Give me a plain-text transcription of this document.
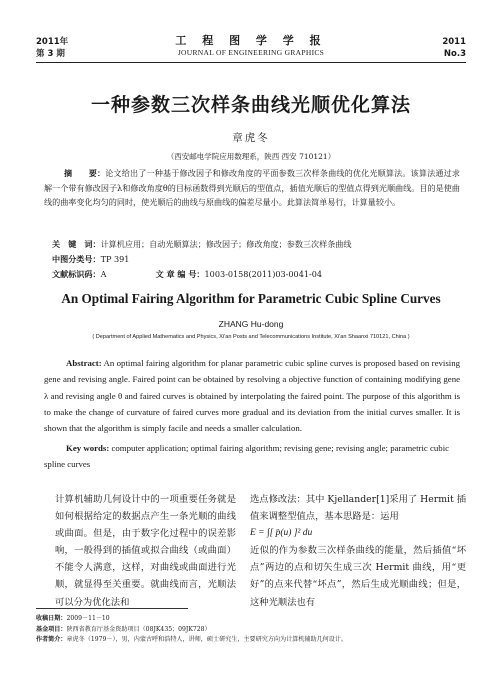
2011年
第 3 期
工 程 图 学 学 报
JOURNAL OF ENGINEERING GRAPHICS
2011
No.3
一种参数三次样条曲线光顺优化算法
章虎冬
（西安邮电学院应用数理系，陕西 西安 710121）
摘　　要：论文给出了一种基于修改因子和修改角度的平面参数三次样条曲线的优化光顺算法。该算法通过求解一个带有修改因子λ和修改角度θ的目标函数得到光顺后的型值点，插值光顺后的型值点得到光顺曲线。目的是使曲线的曲率变化均匀的同时，使光顺后的曲线与原曲线的偏差尽量小。此算法简单易行，计算量较小。
关　键　词：计算机应用；自动光顺算法；修改因子；修改角度；参数三次样条曲线
中图分类号：TP 391
文献标识码：A	文 章 编 号：1003-0158(2011)03-0041-04
An Optimal Fairing Algorithm for Parametric Cubic Spline Curves
ZHANG Hu-dong
( Department of Applied Mathematics and Physics, Xi'an Posts and Telecommunications Institute, Xi'an Shaanxi 710121, China )
Abstract: An optimal fairing algorithm for planar parametric cubic spline curves is proposed based on revising gene and revising angle. Faired point can be obtained by resolving a objective function of containing modifying gene λ and revising angle θ and faired curves is obtained by interpolating the faired point. The purpose of this algorithm is to make the change of curvature of faired curves more gradual and its deviation from the initial curves smaller. It is shown that the algorithm is simply facile and needs a smaller calculation.
Key words: computer application; optimal fairing algorithm; revising gene; revising angle; parametric cubic spline curves
计算机辅助几何设计中的一项重要任务就是如何根据给定的数据点产生一条光顺的曲线或曲面。但是，由于数字化过程中的误差影响，一般得到的插值或拟合曲线（或曲面）不能令人满意，这样，对曲线或曲面进行光顺，就显得至关重要。就曲线而言，光顺法可以分为优化法和
选点修改法：其中 Kjellander[1]采用了 Hermit 插值来调整型值点，基本思路是：运用
E = ∫[ p̈(u) ]² du
近似的作为参数三次样条曲线的能量，然后插值“坏点”两边的点和切矢生成三次 Hermit 曲线，用“更好”的点来代替“坏点”，然后生成光顺曲线；但是，这种光顺法也有
收稿日期：2009－11－10
基金项目：陕西省教育厅基金资助项目（08JK435；09JK728）
作者简介：章虎冬（1979－），男，内蒙古呼和浩特人，讲师，硕士研究生，主要研究方向为计算机辅助几何设计。
